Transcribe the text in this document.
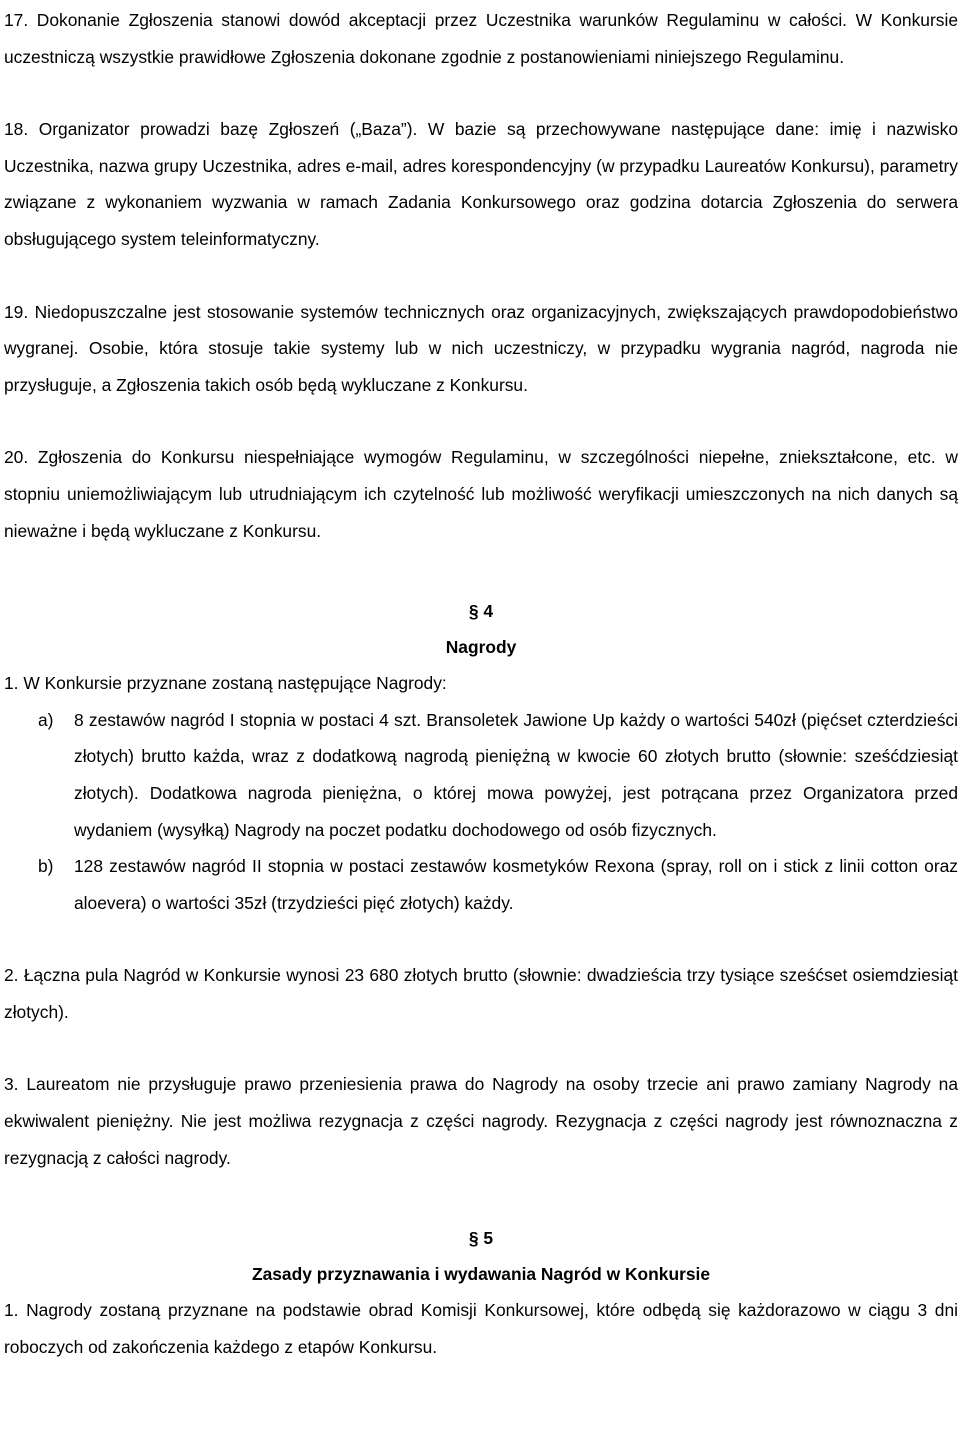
17. Dokonanie Zgłoszenia stanowi dowód akceptacji przez Uczestnika warunków Regulaminu w całości. W Konkursie uczestniczą wszystkie prawidłowe Zgłoszenia dokonane zgodnie z postanowieniami niniejszego Regulaminu.

18. Organizator prowadzi bazę Zgłoszeń („Baza”). W bazie są przechowywane następujące dane: imię i nazwisko Uczestnika, nazwa grupy Uczestnika, adres e-mail, adres korespondencyjny (w przypadku Laureatów Konkursu), parametry związane z wykonaniem wyzwania w ramach Zadania Konkursowego oraz godzina dotarcia Zgłoszenia do serwera obsługującego system teleinformatyczny.

19. Niedopuszczalne jest stosowanie systemów technicznych oraz organizacyjnych, zwiększających prawdopodobieństwo wygranej. Osobie, która stosuje takie systemy lub w nich uczestniczy, w przypadku wygrania nagród, nagroda nie przysługuje, a Zgłoszenia takich osób będą wykluczane z Konkursu.

20. Zgłoszenia do Konkursu niespełniające wymogów Regulaminu, w szczególności niepełne, zniekształcone, etc. w stopniu uniemożliwiającym lub utrudniającym ich czytelność lub możliwość weryfikacji umieszczonych na nich danych są nieważne i będą wykluczane z Konkursu.

§ 4
Nagrody

1. W Konkursie przyznane zostaną następujące Nagrody:

a)	8 zestawów nagród I stopnia w postaci 4 szt. Bransoletek Jawione Up każdy o wartości 540zł (pięćset czterdzieści złotych) brutto każda, wraz z dodatkową nagrodą pieniężną w kwocie 60 złotych brutto (słownie: sześćdziesiąt złotych). Dodatkowa nagroda pieniężna, o której mowa powyżej, jest potrącana przez Organizatora przed wydaniem (wysyłką) Nagrody na poczet podatku dochodowego od osób fizycznych.
b)	128 zestawów nagród II stopnia w postaci zestawów kosmetyków Rexona (spray, roll on i stick z linii cotton oraz aloevera) o wartości 35zł (trzydzieści pięć złotych) każdy.

2. Łączna pula Nagród w Konkursie wynosi 23 680 złotych brutto (słownie: dwadzieścia trzy tysiące sześćset osiemdziesiąt złotych).

3. Laureatom nie przysługuje prawo przeniesienia prawa do Nagrody na osoby trzecie ani prawo zamiany Nagrody na ekwiwalent pieniężny. Nie jest możliwa rezygnacja z części nagrody. Rezygnacja z części nagrody jest równoznaczna z rezygnacją z całości nagrody.

§ 5
Zasady przyznawania i wydawania Nagród w Konkursie

1. Nagrody zostaną przyznane na podstawie obrad Komisji Konkursowej, które odbędą się każdorazowo w ciągu 3 dni roboczych od zakończenia każdego z etapów Konkursu.
